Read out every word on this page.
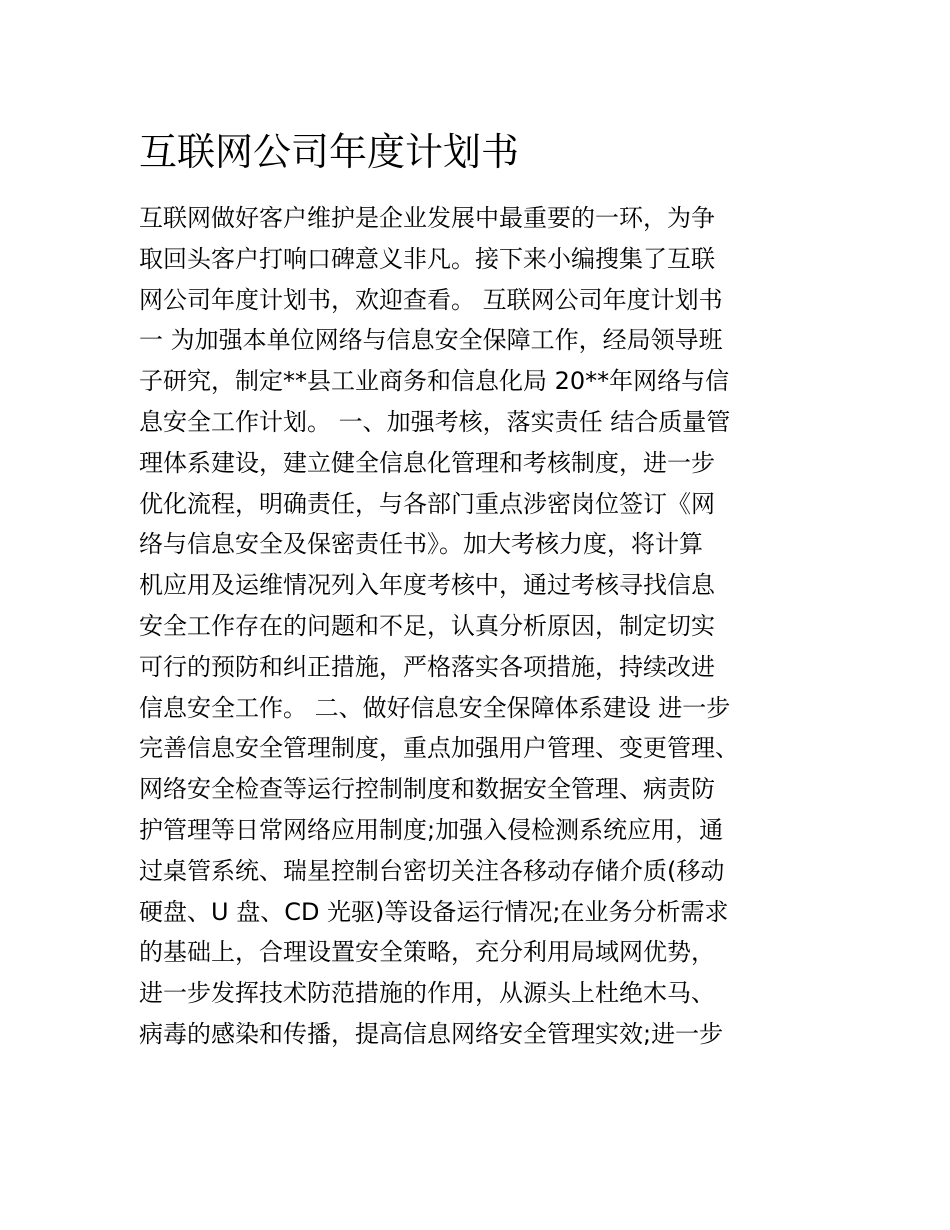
互联网公司年度计划书
互联网做好客户维护是企业发展中最重要的一环，为争
取回头客户打响口碑意义非凡。接下来小编搜集了互联
网公司年度计划书，欢迎查看。 互联网公司年度计划书
一 为加强本单位网络与信息安全保障工作，经局领导班
子研究，制定**县工业商务和信息化局 20**年网络与信
息安全工作计划。 一、加强考核，落实责任 结合质量管
理体系建设，建立健全信息化管理和考核制度，进一步
优化流程，明确责任，与各部门重点涉密岗位签订《网
络与信息安全及保密责任书》。加大考核力度，将计算
机应用及运维情况列入年度考核中，通过考核寻找信息
安全工作存在的问题和不足，认真分析原因，制定切实
可行的预防和纠正措施，严格落实各项措施，持续改进
信息安全工作。 二、做好信息安全保障体系建设 进一步
完善信息安全管理制度，重点加强用户管理、变更管理、
网络安全检查等运行控制制度和数据安全管理、病责防
护管理等日常网络应用制度;加强入侵检测系统应用，通
过桌管系统、瑞星控制台密切关注各移动存储介质(移动
硬盘、U 盘、CD 光驱)等设备运行情况;在业务分析需求
的基础上，合理设置安全策略，充分利用局域网优势，
进一步发挥技术防范措施的作用，从源头上杜绝木马、
病毒的感染和传播，提高信息网络安全管理实效;进一步
